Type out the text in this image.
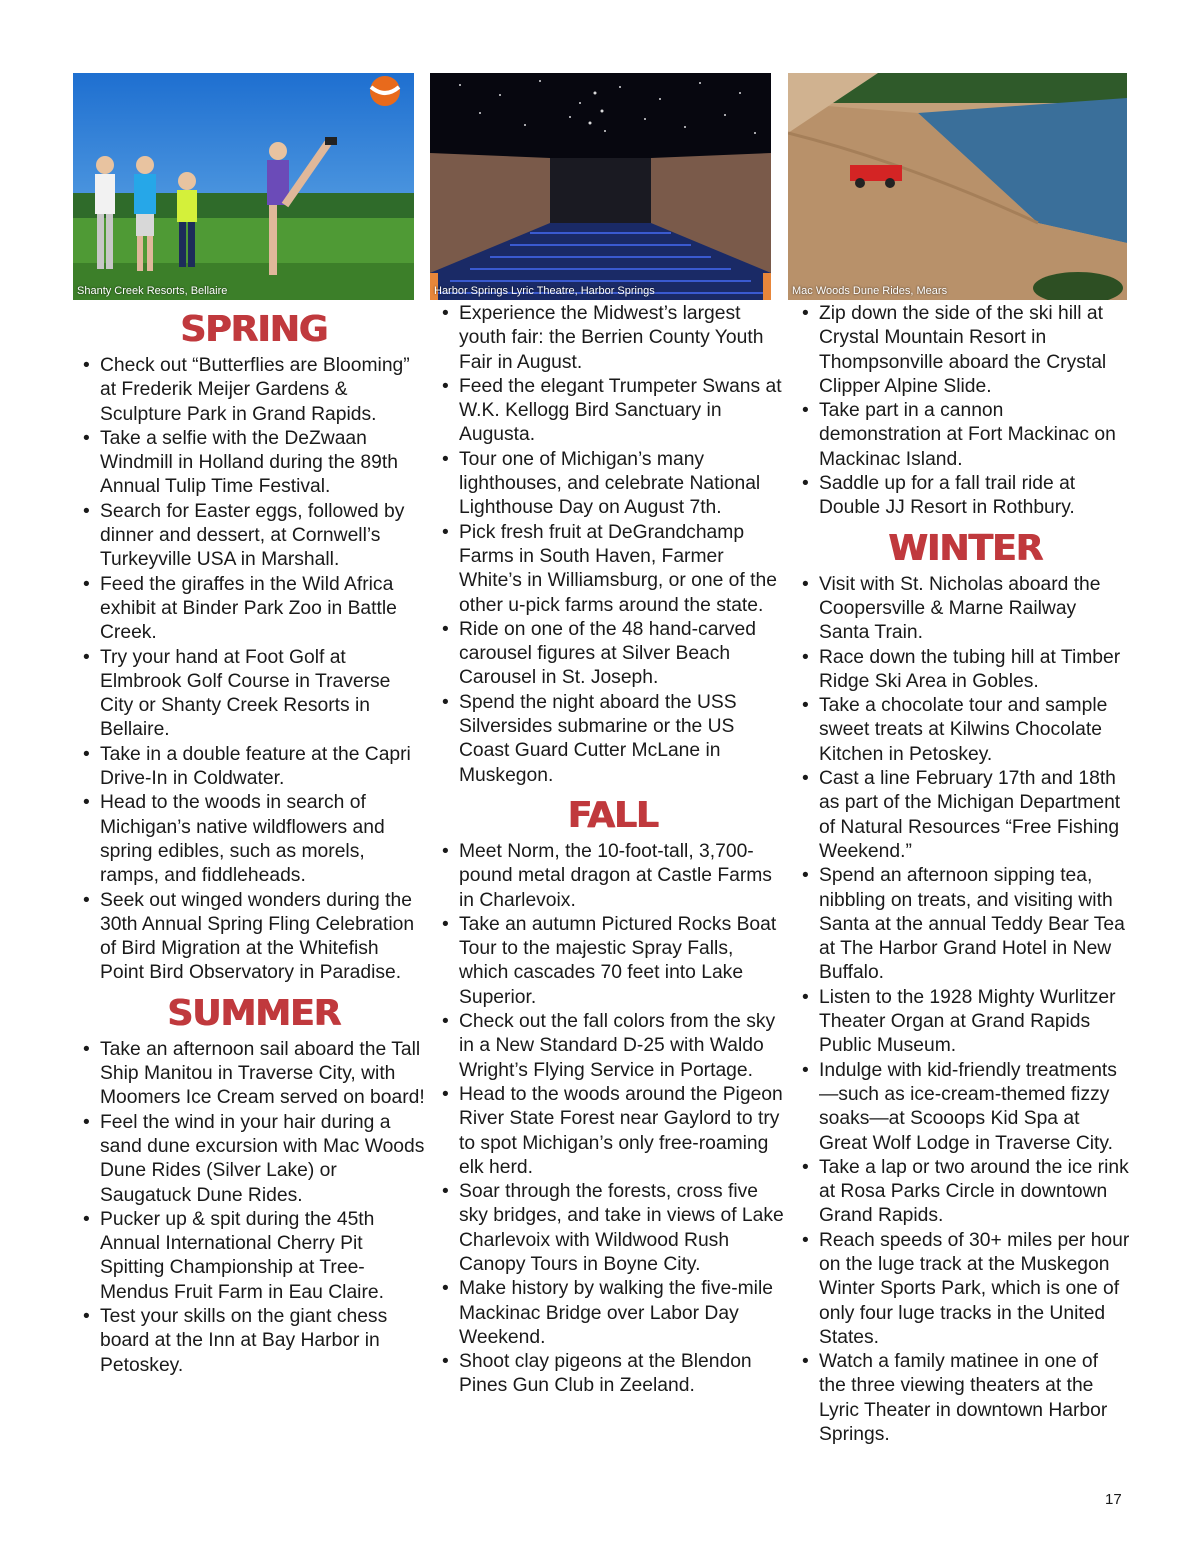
Shanty Creek Resorts, Bellaire	Harbor Springs Lyric Theatre, Harbor Springs	Mac Woods Dune Rides, Mears
SPRING
• Check out “Butterflies are Blooming” at Frederik Meijer Gardens & Sculpture Park in Grand Rapids.
• Take a selfie with the DeZwaan Windmill in Holland during the 89th Annual Tulip Time Festival.
• Search for Easter eggs, followed by dinner and dessert, at Cornwell’s Turkeyville USA in Marshall.
• Feed the giraffes in the Wild Africa exhibit at Binder Park Zoo in Battle Creek.
• Try your hand at Foot Golf at Elmbrook Golf Course in Traverse City or Shanty Creek Resorts in Bellaire.
• Take in a double feature at the Capri Drive-In in Coldwater.
• Head to the woods in search of Michigan’s native wildflowers and spring edibles, such as morels, ramps, and fiddleheads.
• Seek out winged wonders during the 30th Annual Spring Fling Celebration of Bird Migration at the Whitefish Point Bird Observatory in Paradise.
SUMMER
• Take an afternoon sail aboard the Tall Ship Manitou in Traverse City, with Moomers Ice Cream served on board!
• Feel the wind in your hair during a sand dune excursion with Mac Woods Dune Rides (Silver Lake) or Saugatuck Dune Rides.
• Pucker up & spit during the 45th Annual International Cherry Pit Spitting Championship at Tree-Mendus Fruit Farm in Eau Claire.
• Test your skills on the giant chess board at the Inn at Bay Harbor in Petoskey.
• Experience the Midwest’s largest youth fair: the Berrien County Youth Fair in August.
• Feed the elegant Trumpeter Swans at W.K. Kellogg Bird Sanctuary in Augusta.
• Tour one of Michigan’s many lighthouses, and celebrate National Lighthouse Day on August 7th.
• Pick fresh fruit at DeGrandchamp Farms in South Haven, Farmer White’s in Williamsburg, or one of the other u-pick farms around the state.
• Ride on one of the 48 hand-carved carousel figures at Silver Beach Carousel in St. Joseph.
• Spend the night aboard the USS Silversides submarine or the US Coast Guard Cutter McLane in Muskegon.
FALL
• Meet Norm, the 10-foot-tall, 3,700-pound metal dragon at Castle Farms in Charlevoix.
• Take an autumn Pictured Rocks Boat Tour to the majestic Spray Falls, which cascades 70 feet into Lake Superior.
• Check out the fall colors from the sky in a New Standard D-25 with Waldo Wright’s Flying Service in Portage.
• Head to the woods around the Pigeon River State Forest near Gaylord to try to spot Michigan’s only free-roaming elk herd.
• Soar through the forests, cross five sky bridges, and take in views of Lake Charlevoix with Wildwood Rush Canopy Tours in Boyne City.
• Make history by walking the five-mile Mackinac Bridge over Labor Day Weekend.
• Shoot clay pigeons at the Blendon Pines Gun Club in Zeeland.
• Zip down the side of the ski hill at Crystal Mountain Resort in Thompsonville aboard the Crystal Clipper Alpine Slide.
• Take part in a cannon demonstration at Fort Mackinac on Mackinac Island.
• Saddle up for a fall trail ride at Double JJ Resort in Rothbury.
WINTER
• Visit with St. Nicholas aboard the Coopersville & Marne Railway Santa Train.
• Race down the tubing hill at Timber Ridge Ski Area in Gobles.
• Take a chocolate tour and sample sweet treats at Kilwins Chocolate Kitchen in Petoskey.
• Cast a line February 17th and 18th as part of the Michigan Department of Natural Resources “Free Fishing Weekend.”
• Spend an afternoon sipping tea, nibbling on treats, and visiting with Santa at the annual Teddy Bear Tea at The Harbor Grand Hotel in New Buffalo.
• Listen to the 1928 Mighty Wurlitzer Theater Organ at Grand Rapids Public Museum.
• Indulge with kid-friendly treatments—such as ice-cream-themed fizzy soaks—at Scooops Kid Spa at Great Wolf Lodge in Traverse City.
• Take a lap or two around the ice rink at Rosa Parks Circle in downtown Grand Rapids.
• Reach speeds of 30+ miles per hour on the luge track at the Muskegon Winter Sports Park, which is one of only four luge tracks in the United States.
• Watch a family matinee in one of the three viewing theaters at the Lyric Theater in downtown Harbor Springs.
17
